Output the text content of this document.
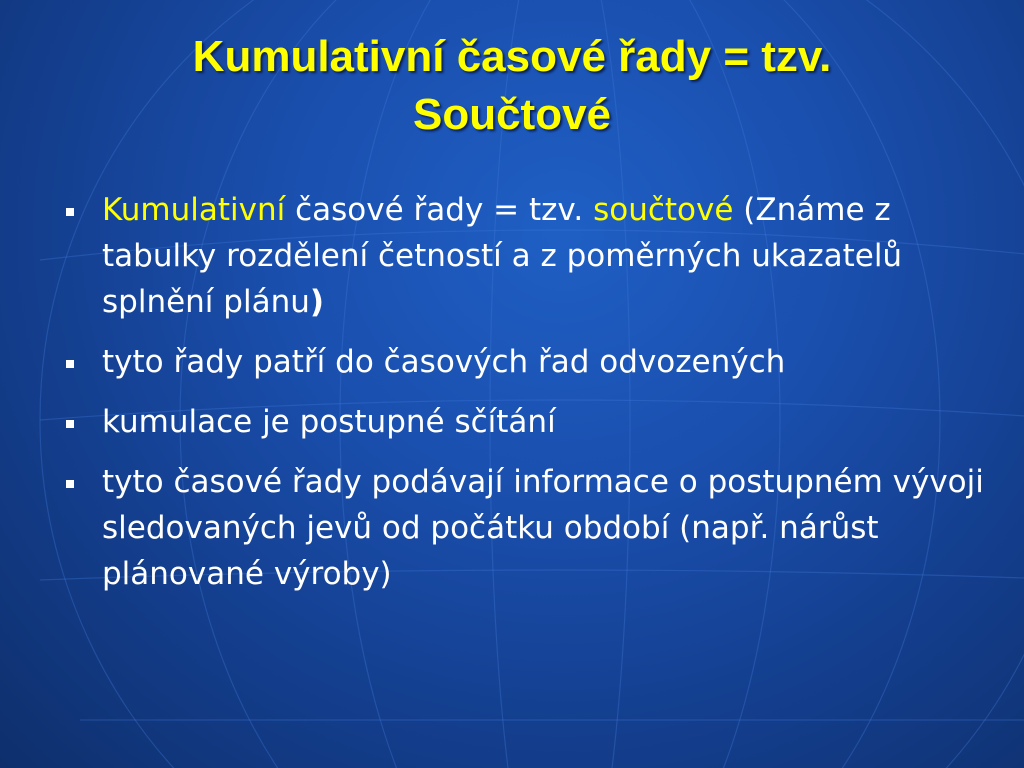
Kumulativní časové řady = tzv.
Součtové
Kumulativní časové řady = tzv. součtové (Známe z tabulky rozdělení četností a z poměrných ukazatelů splnění plánu)
tyto řady patří do časových řad odvozených
kumulace je postupné sčítání
tyto časové řady podávají informace o postupném vývoji sledovaných jevů od počátku období (např. nárůst plánované výroby)
